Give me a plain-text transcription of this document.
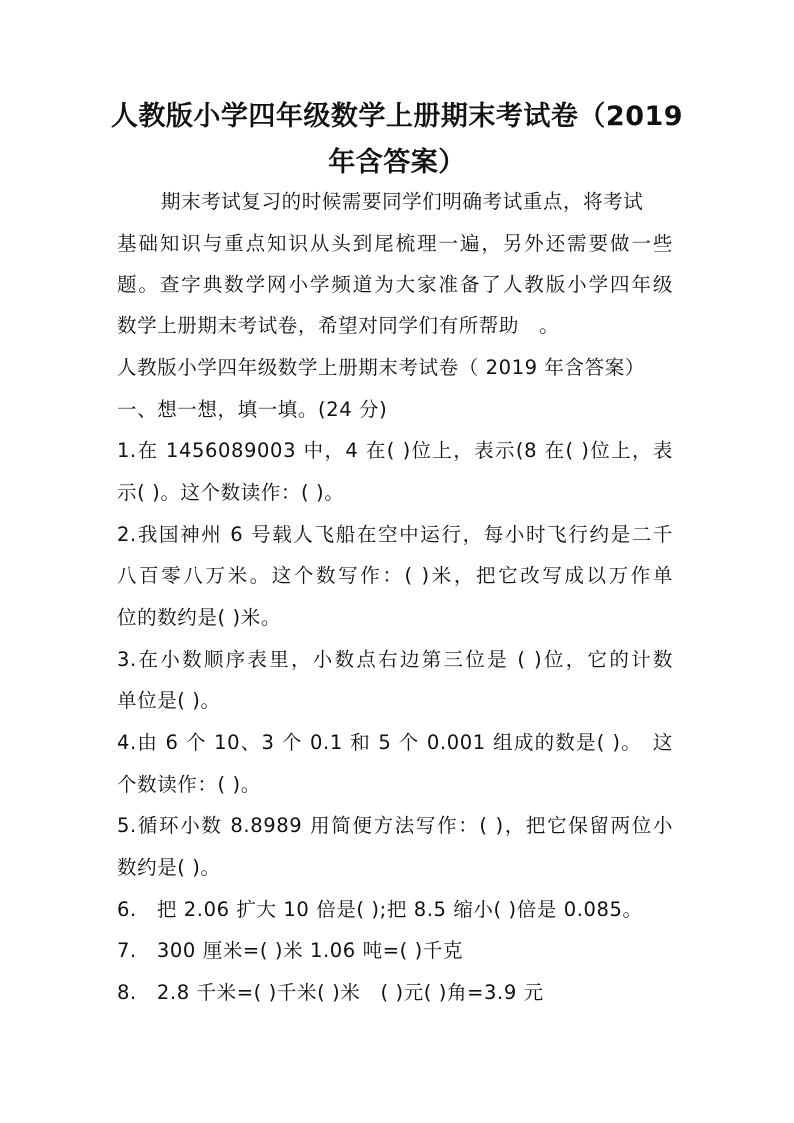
人教版小学四年级数学上册期末考试卷（2019
年含答案）

期末考试复习的时候需要同学们明确考试重点，将考试

基础知识与重点知识从头到尾梳理一遍，另外还需要做一些

题。查字典数学网小学频道为大家准备了人教版小学四年级

数学上册期末考试卷，希望对同学们有所帮助　。

人教版小学四年级数学上册期末考试卷（ 2019 年含答案）

一、想一想，填一填。(24 分)

1.在 1456089003 中，4 在( )位上，表示(8 在( )位上，表

示( )。这个数读作：( )。

2.我国神州 6 号载人飞船在空中运行，每小时飞行约是二千

八百零八万米。这个数写作：( )米，把它改写成以万作单

位的数约是( )米。

3.在小数顺序表里，小数点右边第三位是 ( )位，它的计数

单位是( )。

4.由 6 个 10、3 个 0.1 和 5 个 0.001 组成的数是( )。　这

个数读作：( )。

5.循环小数 8.8989 用简便方法写作：( )，把它保留两位小

数约是( )。

6.　把 2.06 扩大 10 倍是( );把 8.5 缩小( )倍是 0.085。

7.　300 厘米=( )米 1.06 吨=( )千克

8.　2.8 千米=( )千米( )米　( )元( )角=3.9 元
